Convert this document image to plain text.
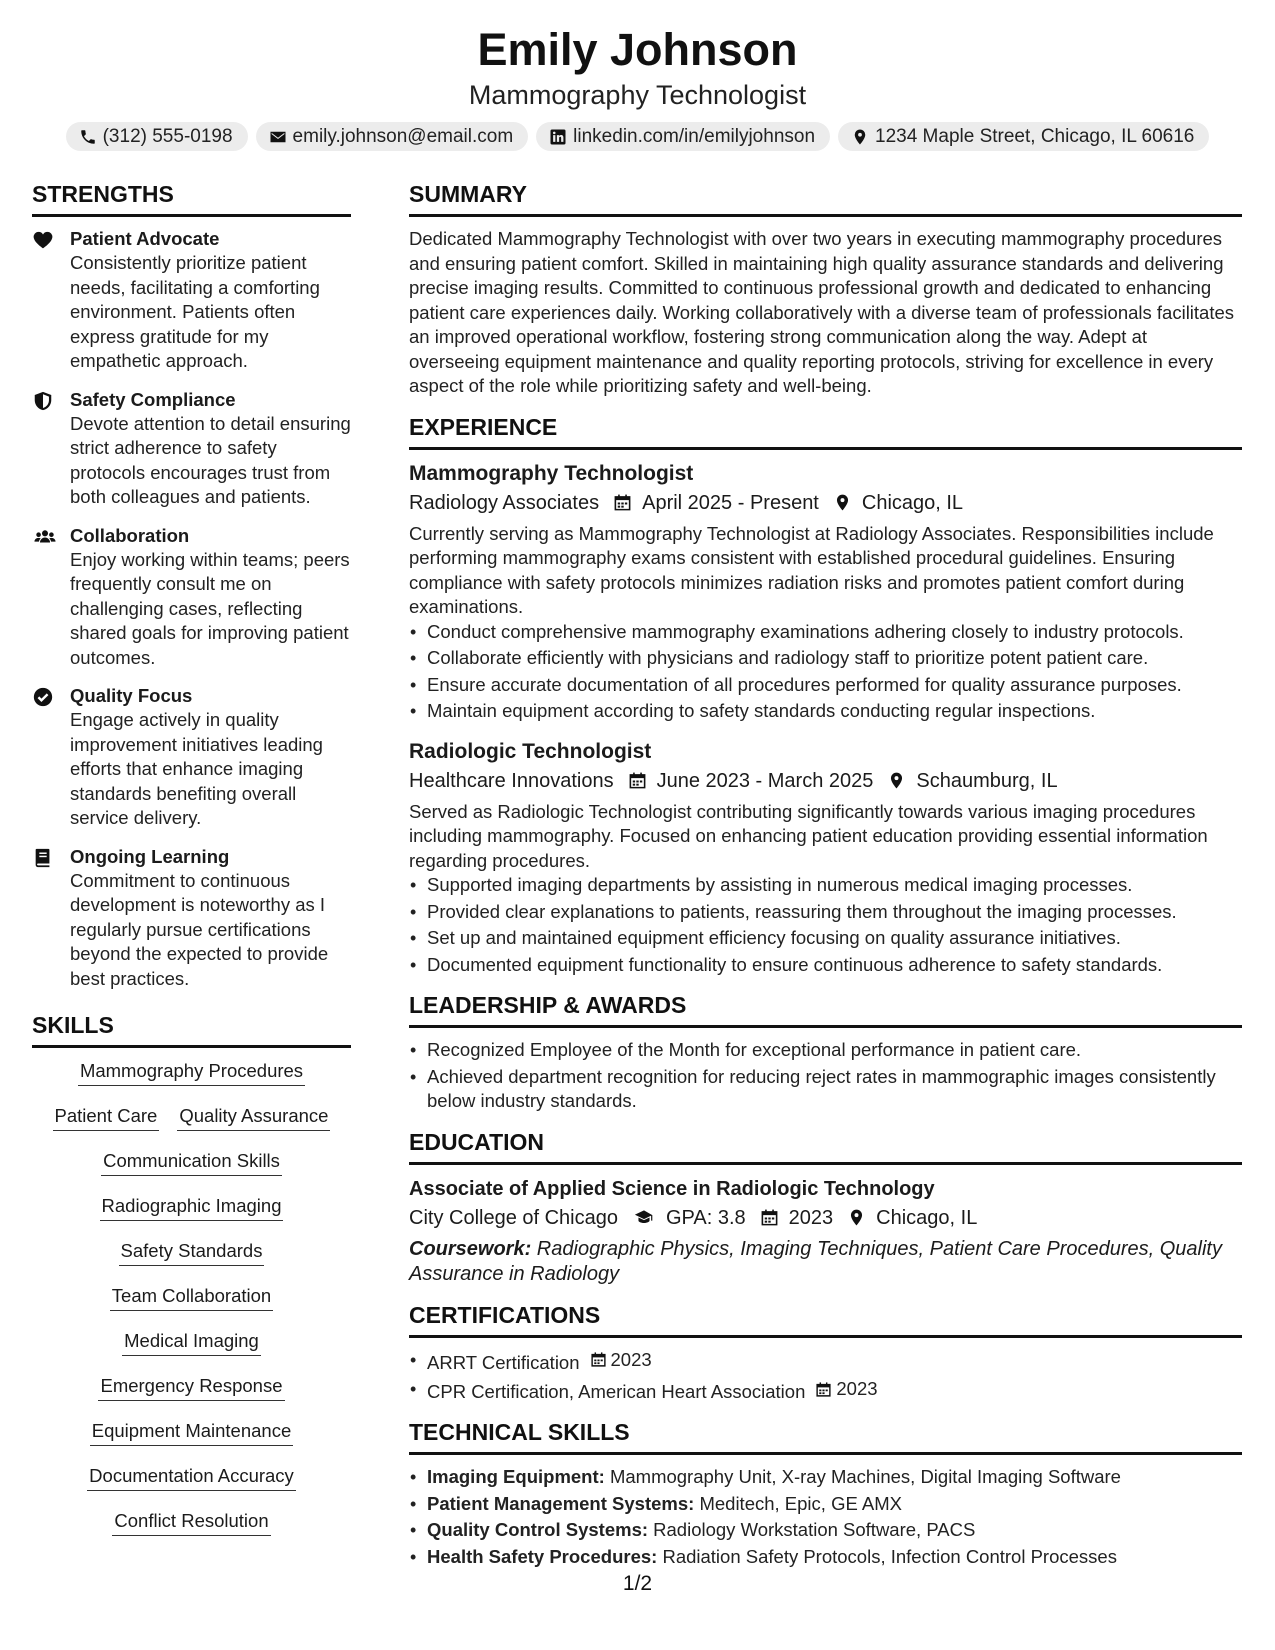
Emily Johnson
Mammography Technologist
(312) 555-0198	emily.johnson@email.com	linkedin.com/in/emilyjohnson	1234 Maple Street, Chicago, IL 60616
STRENGTHS
Patient Advocate
Consistently prioritize patient needs, facilitating a comforting environment. Patients often express gratitude for my empathetic approach.
Safety Compliance
Devote attention to detail ensuring strict adherence to safety protocols encourages trust from both colleagues and patients.
Collaboration
Enjoy working within teams; peers frequently consult me on challenging cases, reflecting shared goals for improving patient outcomes.
Quality Focus
Engage actively in quality improvement initiatives leading efforts that enhance imaging standards benefiting overall service delivery.
Ongoing Learning
Commitment to continuous development is noteworthy as I regularly pursue certifications beyond the expected to provide best practices.
SKILLS
Mammography Procedures
Patient Care Quality Assurance
Communication Skills
Radiographic Imaging
Safety Standards
Team Collaboration
Medical Imaging
Emergency Response
Equipment Maintenance
Documentation Accuracy
Conflict Resolution
SUMMARY
Dedicated Mammography Technologist with over two years in executing mammography procedures and ensuring patient comfort. Skilled in maintaining high quality assurance standards and delivering precise imaging results. Committed to continuous professional growth and dedicated to enhancing patient care experiences daily. Working collaboratively with a diverse team of professionals facilitates an improved operational workflow, fostering strong communication along the way. Adept at overseeing equipment maintenance and quality reporting protocols, striving for excellence in every aspect of the role while prioritizing safety and well-being.
EXPERIENCE
Mammography Technologist
Radiology Associates April 2025 - Present Chicago, IL
Currently serving as Mammography Technologist at Radiology Associates. Responsibilities include performing mammography exams consistent with established procedural guidelines. Ensuring compliance with safety protocols minimizes radiation risks and promotes patient comfort during examinations.
• Conduct comprehensive mammography examinations adhering closely to industry protocols.
• Collaborate efficiently with physicians and radiology staff to prioritize potent patient care.
• Ensure accurate documentation of all procedures performed for quality assurance purposes.
• Maintain equipment according to safety standards conducting regular inspections.
Radiologic Technologist
Healthcare Innovations June 2023 - March 2025 Schaumburg, IL
Served as Radiologic Technologist contributing significantly towards various imaging procedures including mammography. Focused on enhancing patient education providing essential information regarding procedures.
• Supported imaging departments by assisting in numerous medical imaging processes.
• Provided clear explanations to patients, reassuring them throughout the imaging processes.
• Set up and maintained equipment efficiency focusing on quality assurance initiatives.
• Documented equipment functionality to ensure continuous adherence to safety standards.
LEADERSHIP & AWARDS
• Recognized Employee of the Month for exceptional performance in patient care.
• Achieved department recognition for reducing reject rates in mammographic images consistently below industry standards.
EDUCATION
Associate of Applied Science in Radiologic Technology
City College of Chicago GPA: 3.8 2023 Chicago, IL
Coursework: Radiographic Physics, Imaging Techniques, Patient Care Procedures, Quality Assurance in Radiology
CERTIFICATIONS
• ARRT Certification 2023
• CPR Certification, American Heart Association 2023
TECHNICAL SKILLS
• Imaging Equipment: Mammography Unit, X-ray Machines, Digital Imaging Software
• Patient Management Systems: Meditech, Epic, GE AMX
• Quality Control Systems: Radiology Workstation Software, PACS
• Health Safety Procedures: Radiation Safety Protocols, Infection Control Processes
1/2
